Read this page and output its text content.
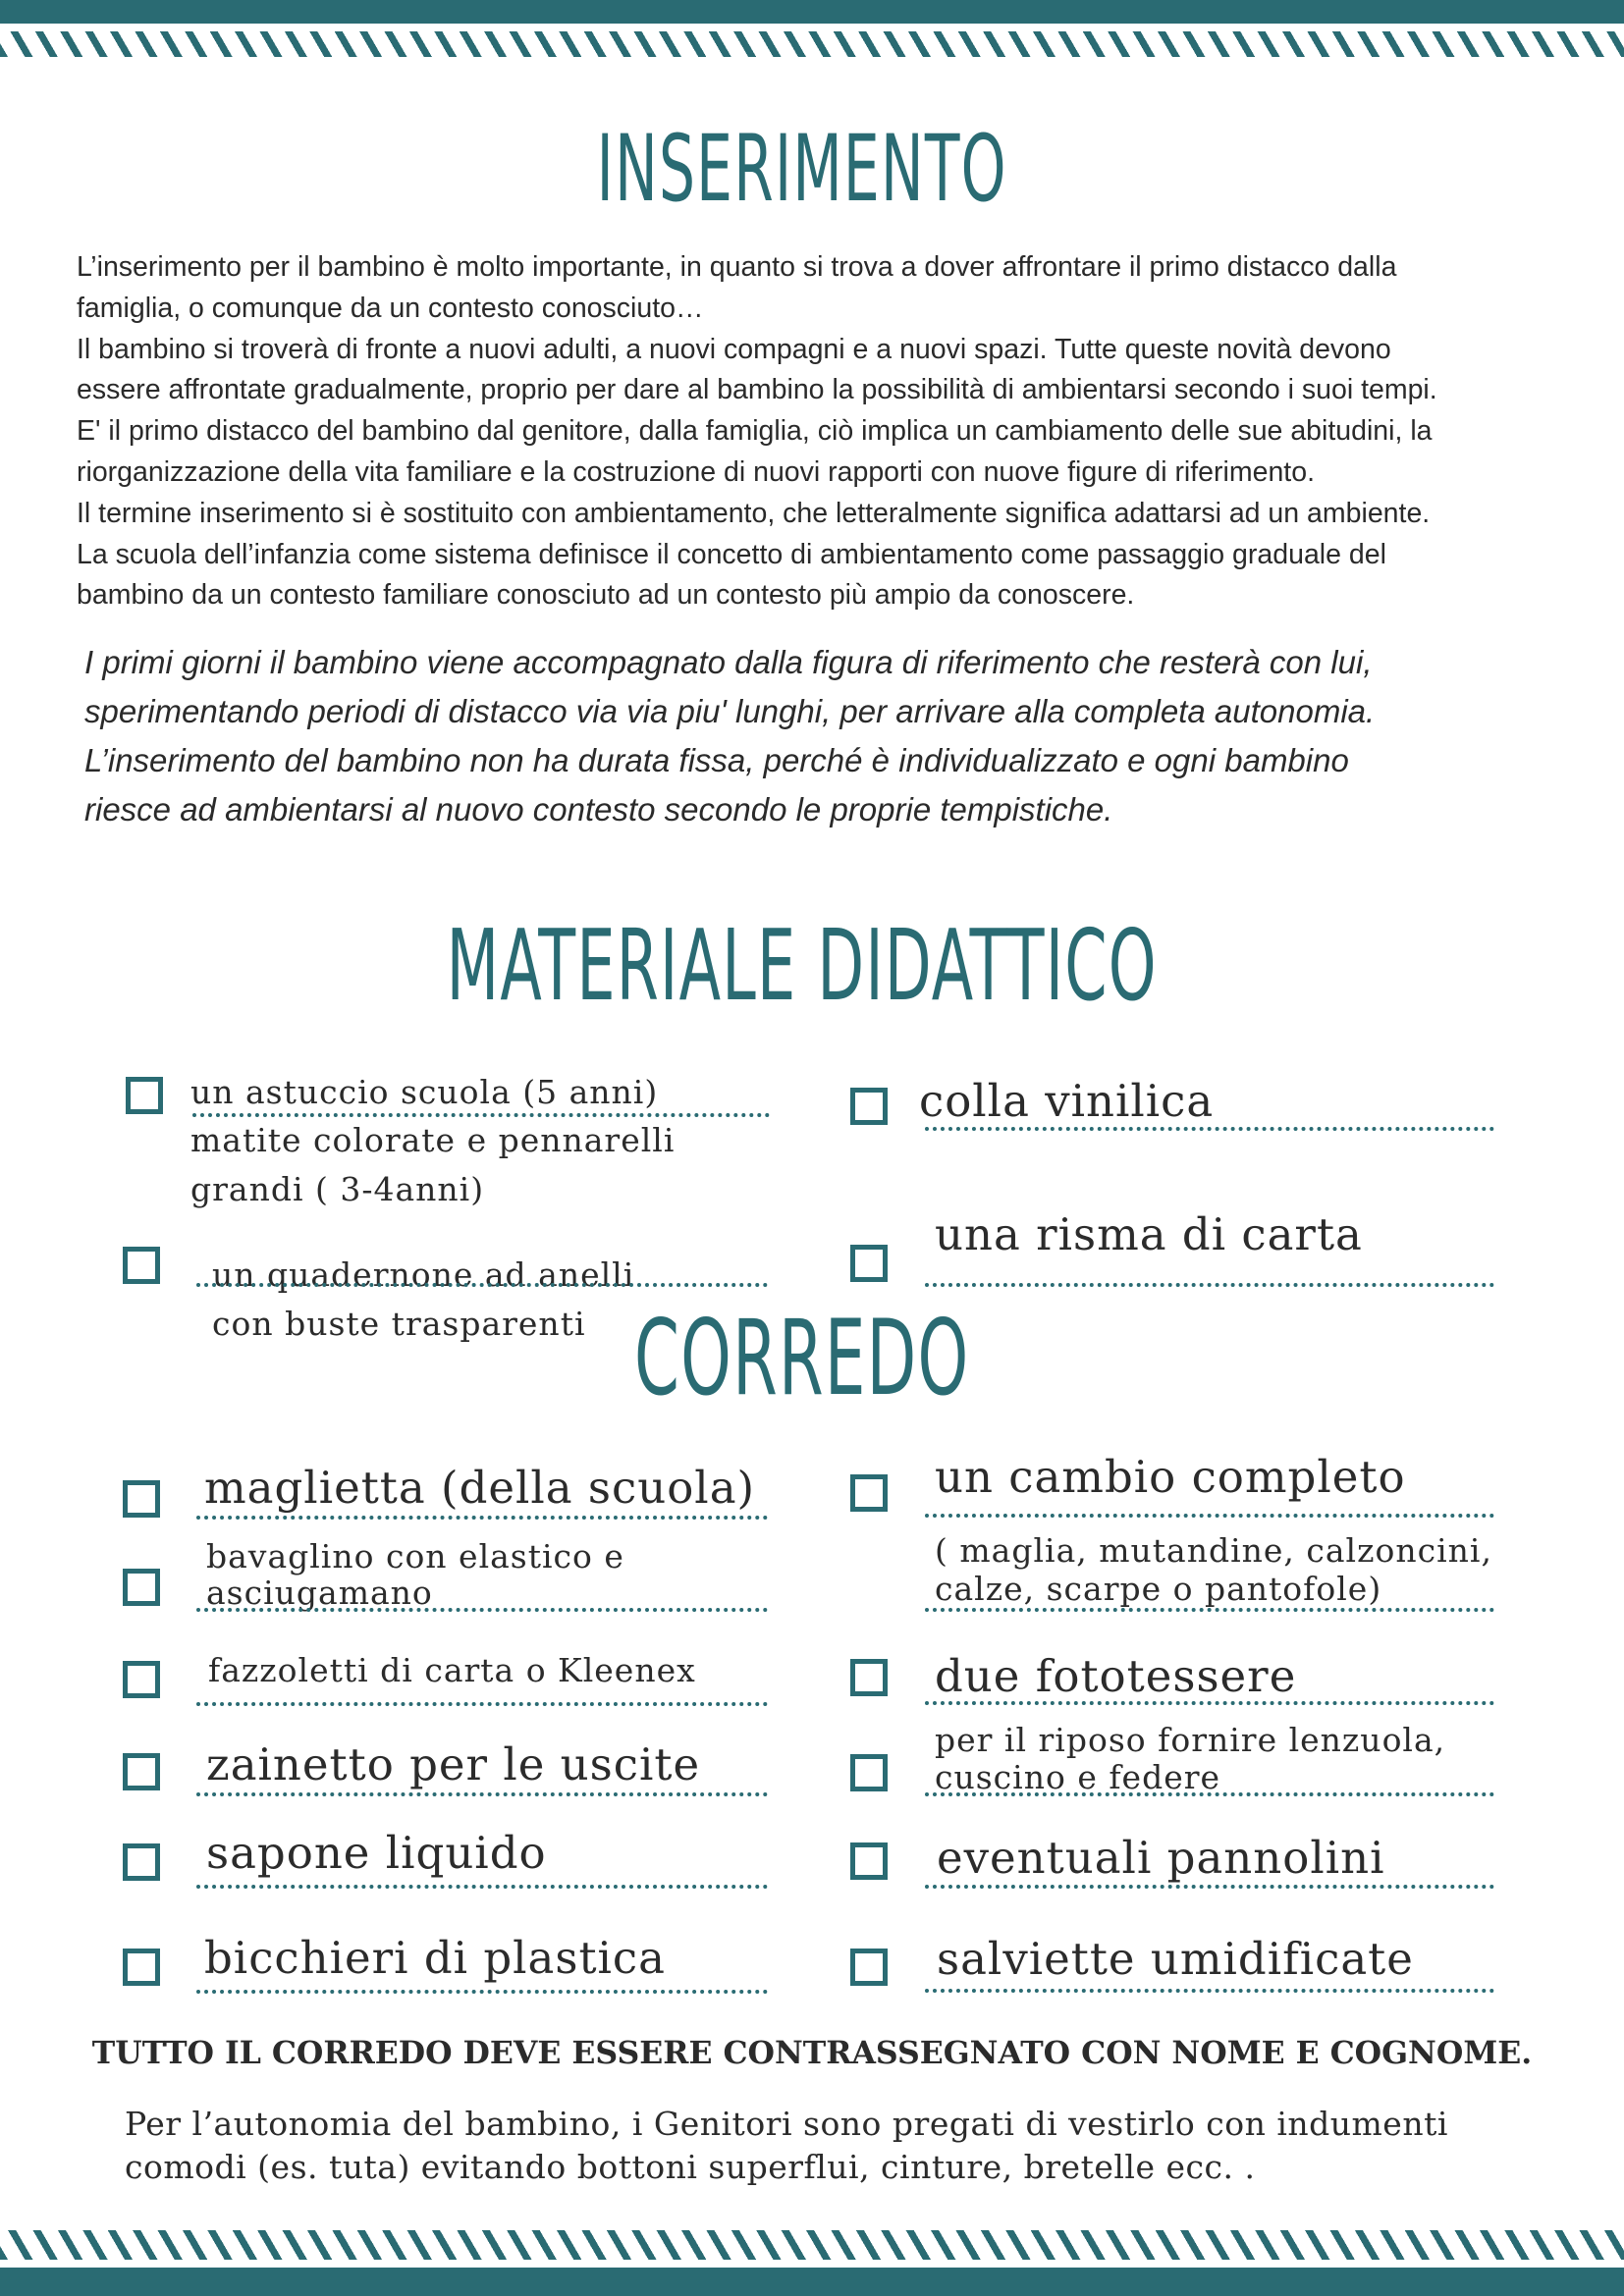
INSERIMENTO

L’inserimento per il bambino è molto importante, in quanto si trova a dover affrontare il primo distacco dalla

famiglia, o comunque da un contesto conosciuto…

Il bambino si troverà di fronte a nuovi adulti, a nuovi compagni e a nuovi spazi. Tutte queste novità devono

essere affrontate gradualmente, proprio per dare al bambino la possibilità di ambientarsi secondo i suoi tempi.

E' il primo distacco del bambino dal genitore, dalla famiglia, ciò implica un cambiamento delle sue abitudini, la

riorganizzazione della vita familiare e la costruzione di nuovi rapporti con nuove figure di riferimento.

Il termine inserimento si è sostituito con ambientamento, che letteralmente significa adattarsi ad un ambiente.

La scuola dell’infanzia come sistema definisce il concetto di ambientamento come passaggio graduale del

bambino da un contesto familiare conosciuto ad un contesto più ampio da conoscere.

I primi giorni il bambino viene accompagnato dalla figura di riferimento che resterà con lui,

sperimentando periodi di distacco via via piu' lunghi, per arrivare alla completa autonomia.

L’inserimento del bambino non ha durata fissa, perché è individualizzato e ogni bambino

riesce ad ambientarsi al nuovo contesto secondo le proprie tempistiche.

MATERIALE DIDATTICO
un astuccio scuola (5 anni)
matite colorate e pennarelli
grandi ( 3-4anni)
un quadernone ad anelli
con buste trasparenti
colla vinilica
una risma di carta
CORREDO
maglietta (della scuola)
bavaglino con elastico e
asciugamano
fazzoletti di carta o Kleenex
zainetto per le uscite
sapone liquido
bicchieri di plastica
un cambio completo
( maglia, mutandine, calzoncini,
calze, scarpe o pantofole)
due fototessere
per il riposo fornire lenzuola,
cuscino e federe
eventuali pannolini
salviette umidificate

TUTTO IL CORREDO DEVE ESSERE CONTRASSEGNATO CON NOME E COGNOME.

Per l’autonomia del bambino, i Genitori sono pregati di vestirlo con indumenti

comodi (es. tuta) evitando bottoni superflui, cinture, bretelle ecc. .
